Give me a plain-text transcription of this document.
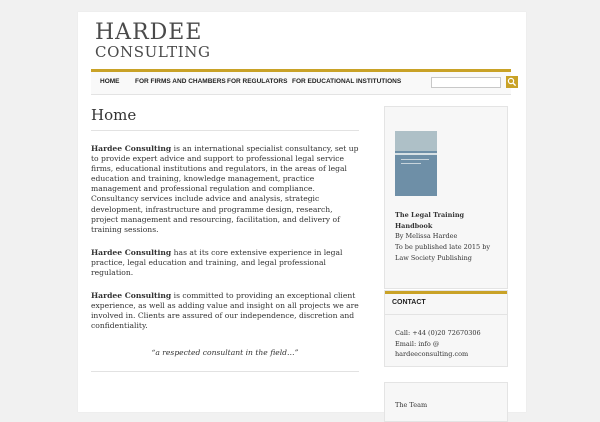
HARDEE
CONSULTING
HOME FOR FIRMS AND CHAMBERS FOR REGULATORS FOR EDUCATIONAL INSTITUTIONS
Home

Hardee Consulting is an international specialist consultancy, set up to provide expert advice and support to professional legal service firms, educational institutions and regulators, in the areas of legal education and training, knowledge management, practice management and professional regulation and compliance. Consultancy services include advice and analysis, strategic development, infrastructure and programme design, research, project management and resourcing, facilitation, and delivery of training sessions.

Hardee Consulting has at its core extensive experience in legal practice, legal education and training, and legal professional regulation.

Hardee Consulting is committed to providing an exceptional client experience, as well as adding value and insight on all projects we are involved in. Clients are assured of our independence, discretion and confidentiality.

“a respected consultant in the field…”
The Legal Training Handbook
By Melissa Hardee
To be published late 2015 by Law Society Publishing
CONTACT
Call: +44 (0)20 72670306
Email: info @
hardeeconsulting.com
The Team
